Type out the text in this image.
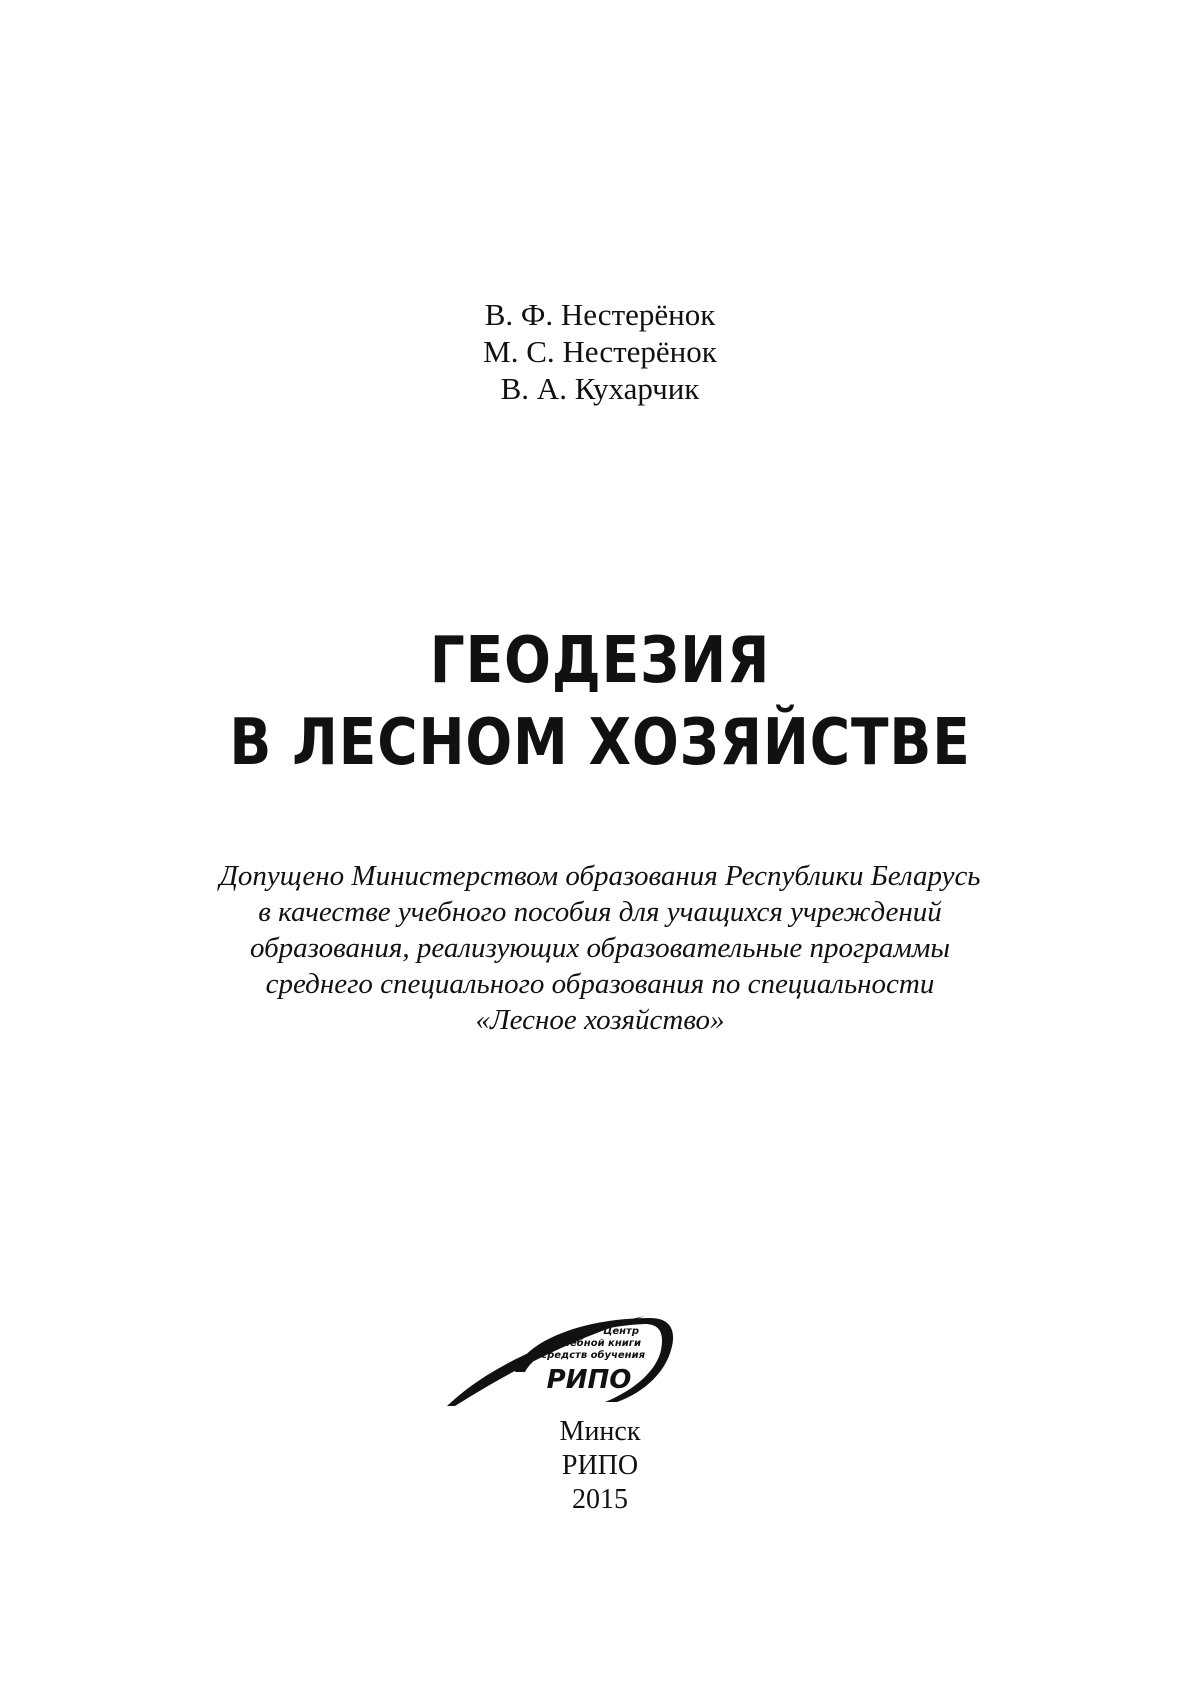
В. Ф. Нестерёнок
М. С. Нестерёнок
В. А. Кухарчик
ГЕОДЕЗИЯ
В ЛЕСНОМ ХОЗЯЙСТВЕ
Допущено Министерством образования Республики Беларусь
в качестве учебного пособия для учащихся учреждений
образования, реализующих образовательные программы
среднего специального образования по специальности
«Лесное хозяйство»
Центр
учебной книги
и средств обучения
РИПО
Минск
РИПО
2015
